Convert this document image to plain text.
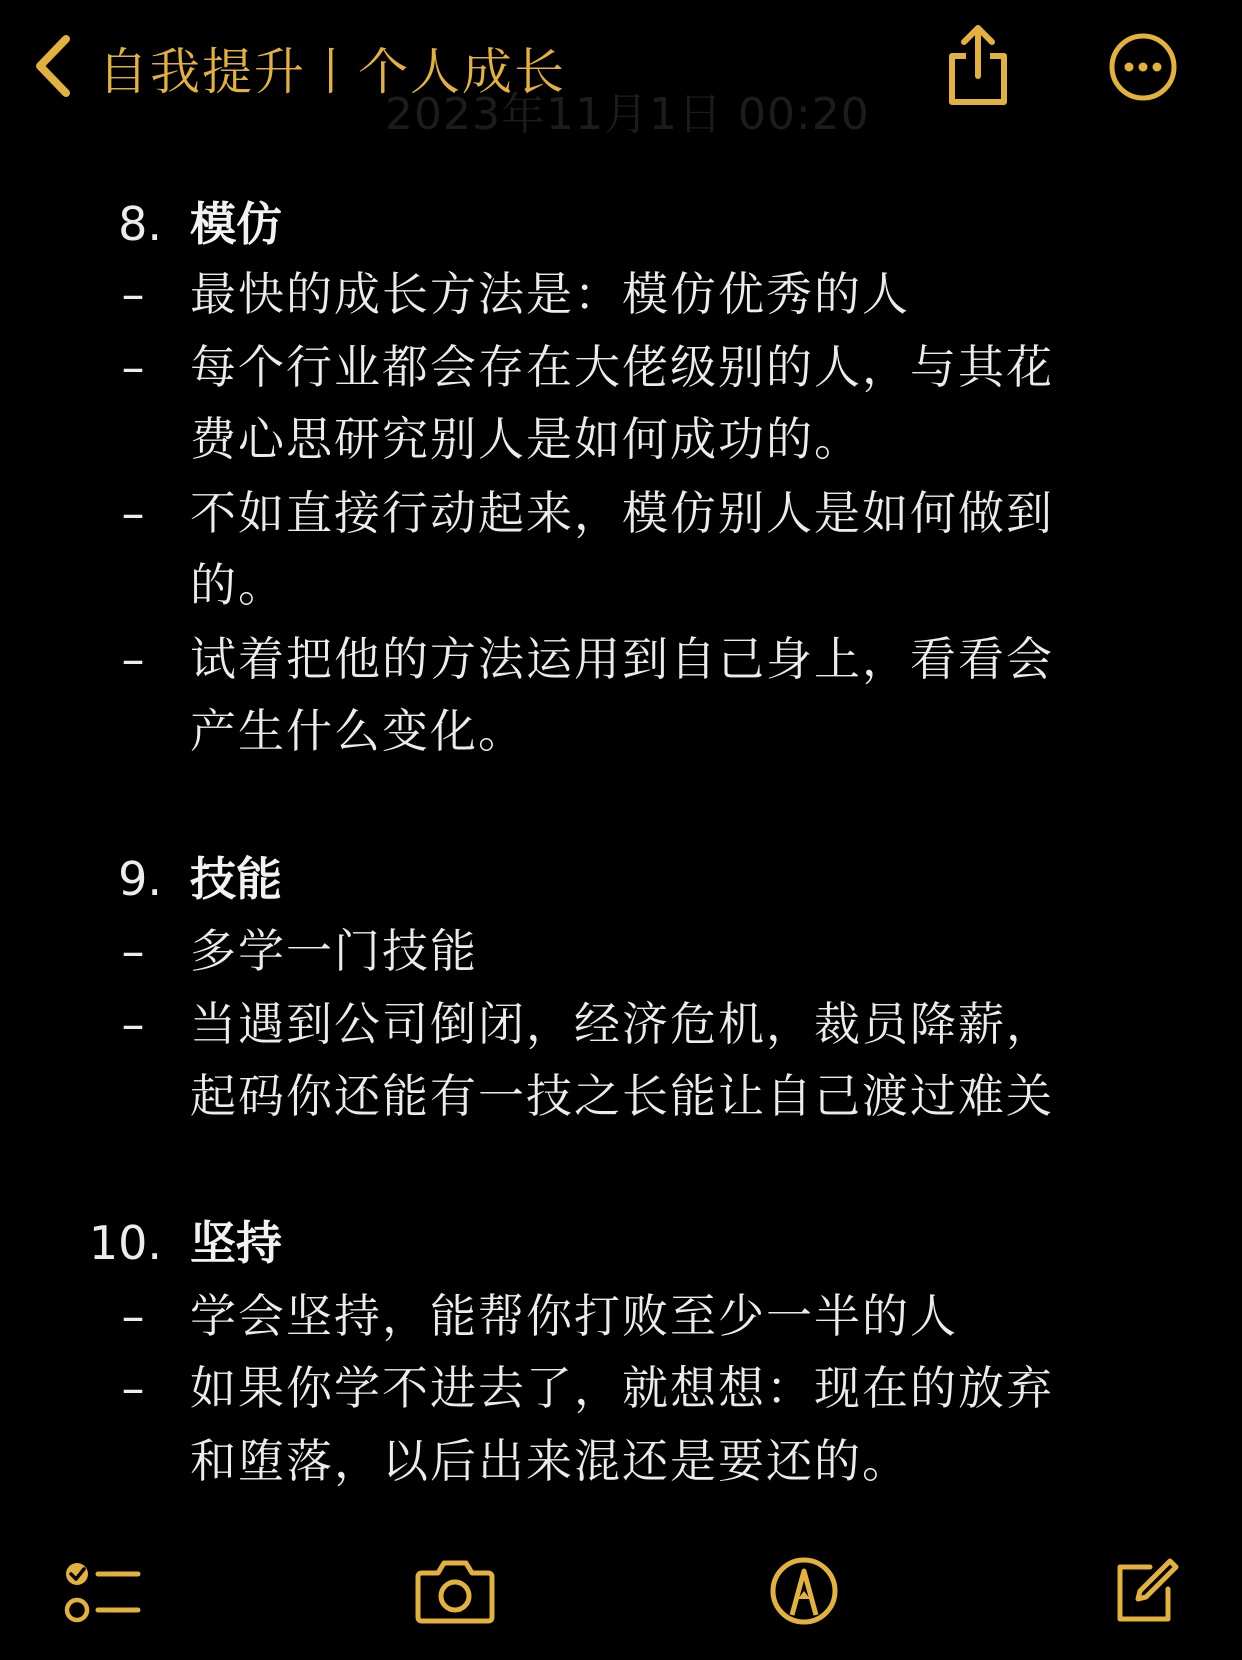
自我提升丨个人成长
2023年11月1日 00:20
8. 模仿
– 最快的成长方法是：模仿优秀的人
– 每个行业都会存在大佬级别的人，与其花
费心思研究别人是如何成功的。
– 不如直接行动起来，模仿别人是如何做到
的。
– 试着把他的方法运用到自己身上，看看会
产生什么变化。
9. 技能
– 多学一门技能
– 当遇到公司倒闭，经济危机，裁员降薪，
起码你还能有一技之长能让自己渡过难关
10. 坚持
– 学会坚持，能帮你打败至少一半的人
– 如果你学不进去了，就想想：现在的放弃
和堕落，以后出来混还是要还的。
